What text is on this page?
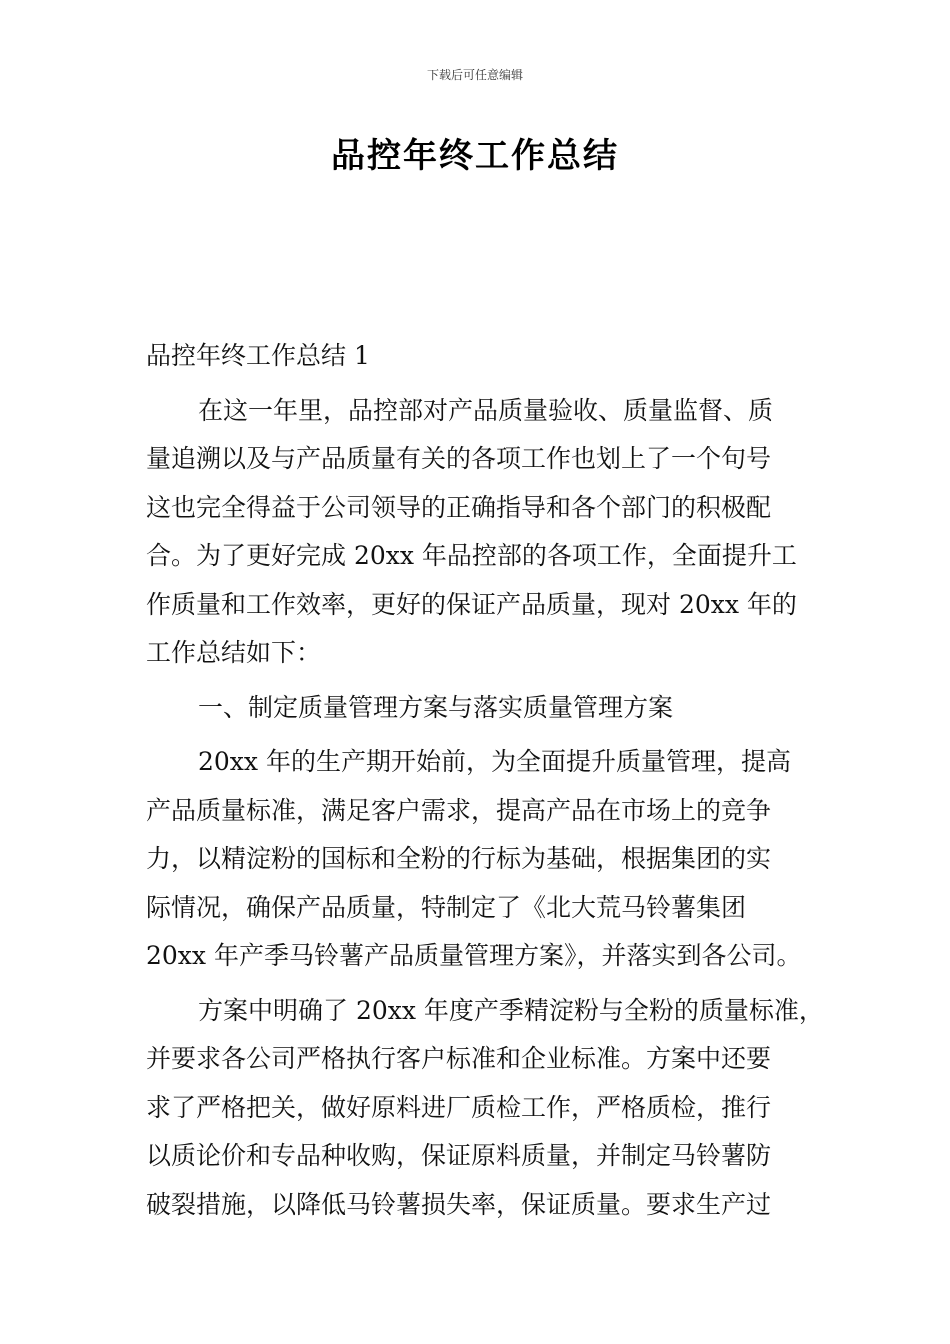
下载后可任意编辑
品控年终工作总结
品控年终工作总结 1
在这一年里，品控部对产品质量验收、质量监督、质
量追溯以及与产品质量有关的各项工作也划上了一个句号
这也完全得益于公司领导的正确指导和各个部门的积极配
合。为了更好完成 20xx 年品控部的各项工作，全面提升工
作质量和工作效率，更好的保证产品质量，现对 20xx 年的
工作总结如下：
一、制定质量管理方案与落实质量管理方案
20xx 年的生产期开始前，为全面提升质量管理，提高
产品质量标准，满足客户需求，提高产品在市场上的竞争
力，以精淀粉的国标和全粉的行标为基础，根据集团的实
际情况，确保产品质量，特制定了《北大荒马铃薯集团
20xx 年产季马铃薯产品质量管理方案》，并落实到各公司。
方案中明确了 20xx 年度产季精淀粉与全粉的质量标准，
并要求各公司严格执行客户标准和企业标准。方案中还要
求了严格把关，做好原料进厂质检工作，严格质检，推行
以质论价和专品种收购，保证原料质量，并制定马铃薯防
破裂措施，以降低马铃薯损失率，保证质量。要求生产过
